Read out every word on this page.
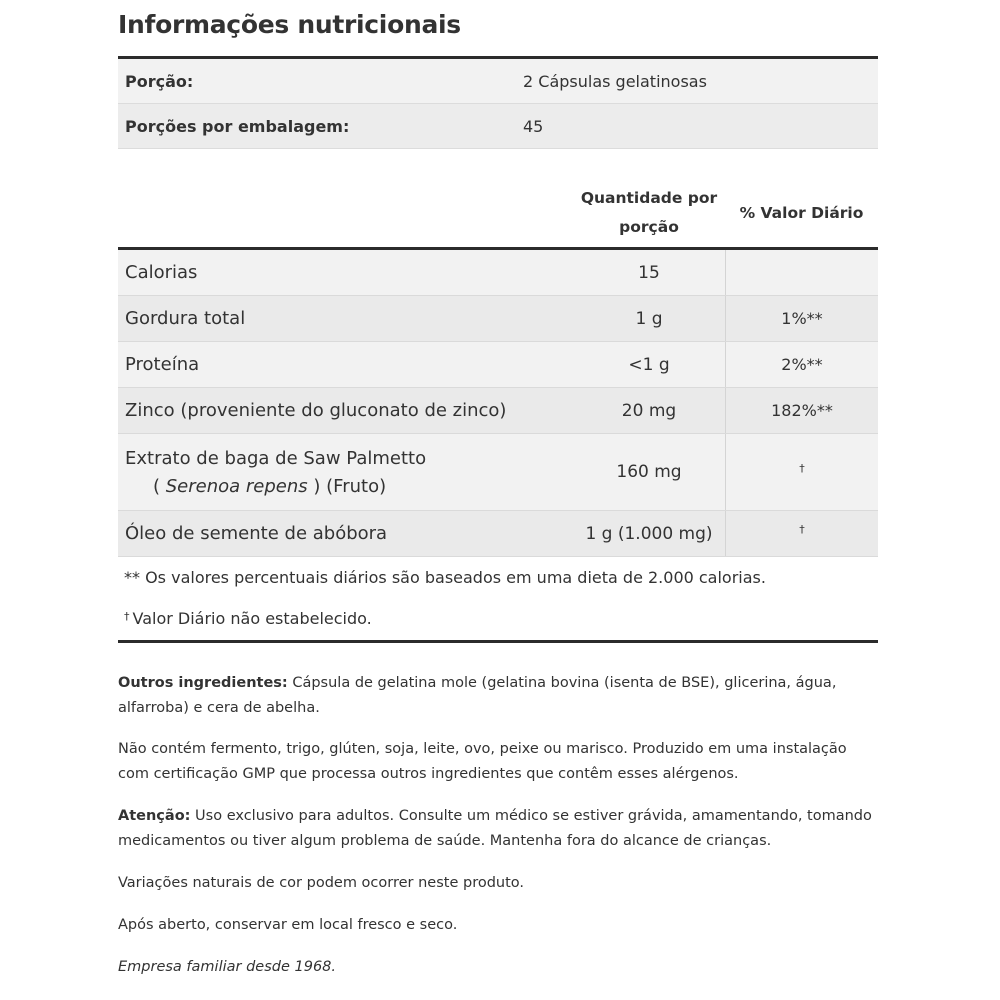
Informações nutricionais
Porção:	2 Cápsulas gelatinosas
Porções por embalagem:	45
Quantidade por
porção
% Valor Diário
Calorias	15
Gordura total	1 g	1%**
Proteína	<1 g	2%**
Zinco (proveniente do gluconato de zinco)	20 mg	182%**
Extrato de baga de Saw Palmetto
( Serenoa repens ) (Fruto)
160 mg	†
Óleo de semente de abóbora	1 g (1.000 mg)	†
** Os valores percentuais diários são baseados em uma dieta de 2.000 calorias.
† Valor Diário não estabelecido.

Outros ingredientes: Cápsula de gelatina mole (gelatina bovina (isenta de BSE), glicerina, água, alfarroba) e cera de abelha.

Não contém fermento, trigo, glúten, soja, leite, ovo, peixe ou marisco. Produzido em uma instalação com certificação GMP que processa outros ingredientes que contêm esses alérgenos.

Atenção: Uso exclusivo para adultos. Consulte um médico se estiver grávida, amamentando, tomando medicamentos ou tiver algum problema de saúde. Mantenha fora do alcance de crianças.

Variações naturais de cor podem ocorrer neste produto.

Após aberto, conservar em local fresco e seco.

Empresa familiar desde 1968.
